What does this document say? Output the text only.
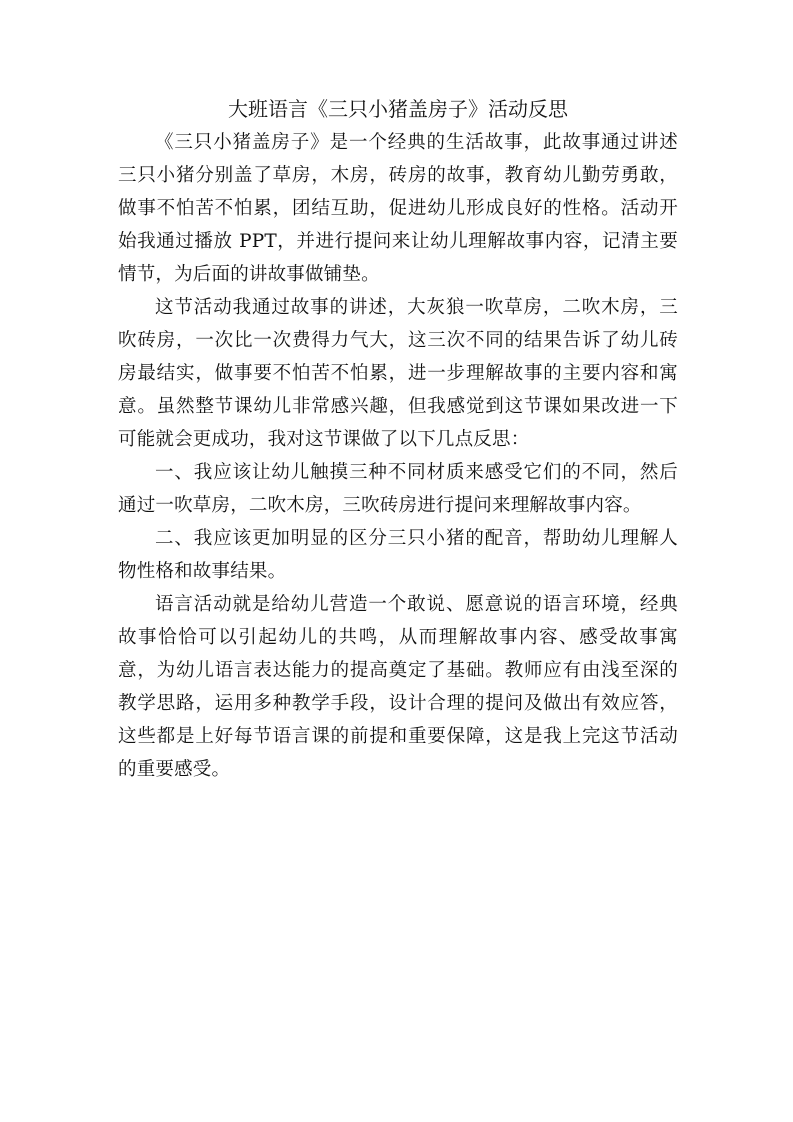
大班语言《三只小猪盖房子》活动反思

《三只小猪盖房子》是一个经典的生活故事，此故事通过讲述三只小猪分别盖了草房，木房，砖房的故事，教育幼儿勤劳勇敢，做事不怕苦不怕累，团结互助，促进幼儿形成良好的性格。活动开始我通过播放 PPT，并进行提问来让幼儿理解故事内容，记清主要情节，为后面的讲故事做铺垫。

这节活动我通过故事的讲述，大灰狼一吹草房，二吹木房，三吹砖房，一次比一次费得力气大，这三次不同的结果告诉了幼儿砖房最结实，做事要不怕苦不怕累，进一步理解故事的主要内容和寓意。虽然整节课幼儿非常感兴趣，但我感觉到这节课如果改进一下可能就会更成功，我对这节课做了以下几点反思：

一、我应该让幼儿触摸三种不同材质来感受它们的不同，然后通过一吹草房，二吹木房，三吹砖房进行提问来理解故事内容。

二、我应该更加明显的区分三只小猪的配音，帮助幼儿理解人物性格和故事结果。

语言活动就是给幼儿营造一个敢说、愿意说的语言环境，经典故事恰恰可以引起幼儿的共鸣，从而理解故事内容、感受故事寓意，为幼儿语言表达能力的提高奠定了基础。教师应有由浅至深的教学思路，运用多种教学手段，设计合理的提问及做出有效应答，这些都是上好每节语言课的前提和重要保障，这是我上完这节活动的重要感受。
